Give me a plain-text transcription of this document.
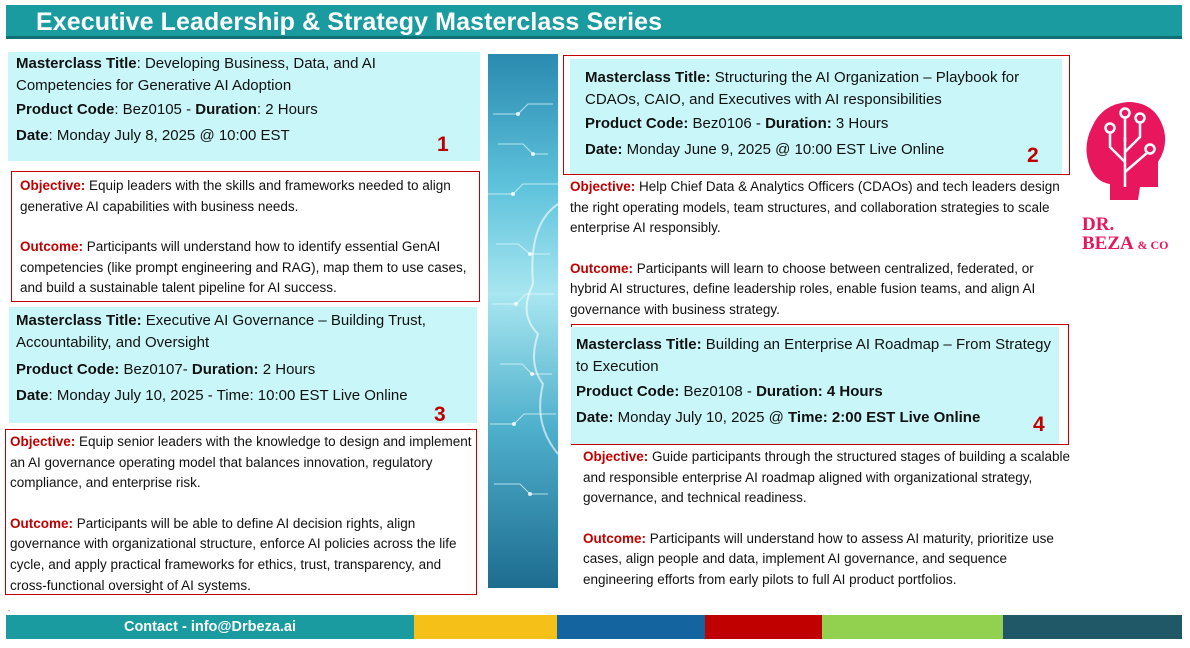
Executive Leadership & Strategy Masterclass Series

Masterclass Title: Developing Business, Data, and AI Competencies for Generative AI Adoption

Product Code: Bez0105 - Duration: 2 Hours

Date: Monday July 8, 2025 @ 10:00 EST	1

Objective: Equip leaders with the skills and frameworks needed to align generative AI capabilities with business needs.

Outcome: Participants will understand how to identify essential GenAI competencies (like prompt engineering and RAG), map them to use cases, and build a sustainable talent pipeline for AI success.

Masterclass Title: Executive AI Governance – Building Trust, Accountability, and Oversight

Product Code: Bez0107- Duration: 2 Hours

Date: Monday July 10, 2025 - Time: 10:00 EST Live Online

3

Objective: Equip senior leaders with the knowledge to design and implement an AI governance operating model that balances innovation, regulatory compliance, and enterprise risk.

Outcome: Participants will be able to define AI decision rights, align governance with organizational structure, enforce AI policies across the life cycle, and apply practical frameworks for ethics, trust, transparency, and cross-functional oversight of AI systems.

.

Masterclass Title: Structuring the AI Organization – Playbook for CDAOs, CAIO, and Executives with AI responsibilities

Product Code: Bez0106 - Duration: 3 Hours

Date: Monday June 9, 2025 @ 10:00 EST Live Online	2

Objective: Help Chief Data & Analytics Officers (CDAOs) and tech leaders design the right operating models, team structures, and collaboration strategies to scale enterprise AI responsibly.

Outcome: Participants will learn to choose between centralized, federated, or hybrid AI structures, define leadership roles, enable fusion teams, and align AI governance with business strategy.

Masterclass Title: Building an Enterprise AI Roadmap – From Strategy to Execution

Product Code: Bez0108 - Duration: 4 Hours

Date: Monday July 10, 2025 @ Time: 2:00 EST Live Online	4

Objective: Guide participants through the structured stages of building a scalable and responsible enterprise AI roadmap aligned with organizational strategy, governance, and technical readiness.

Outcome: Participants will understand how to assess AI maturity, prioritize use cases, align people and data, implement AI governance, and sequence engineering efforts from early pilots to full AI product portfolios.

DR.
BEZA & CO
Contact - info@Drbeza.ai
